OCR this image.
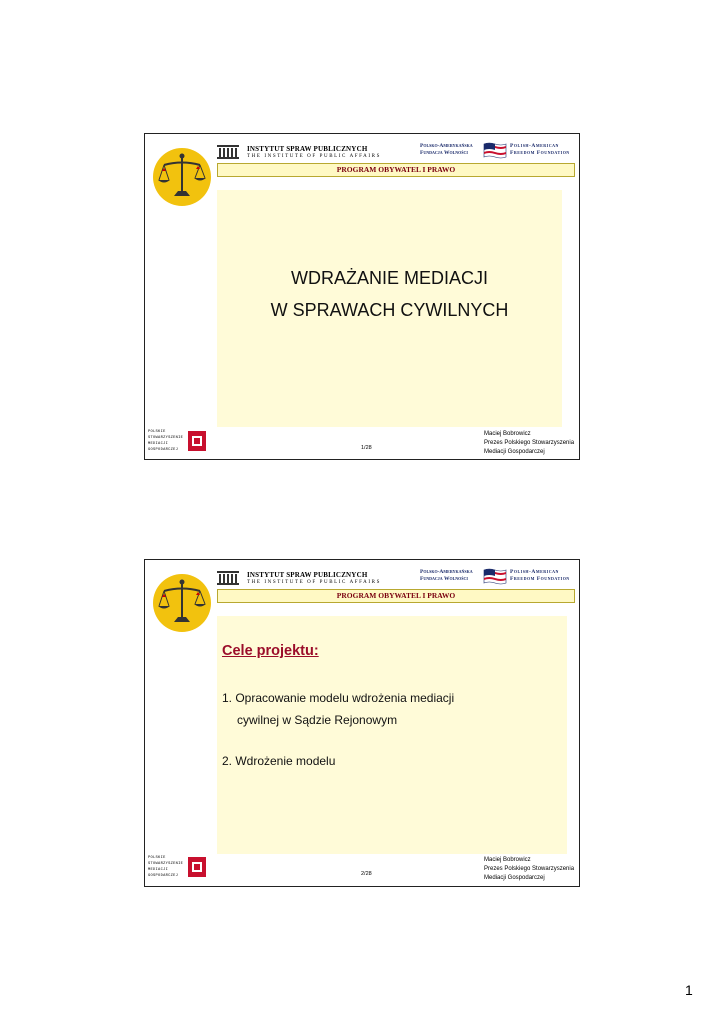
INSTYTUT SPRAW PUBLICZNYCH
THE INSTITUTE OF PUBLIC AFFAIRS
Polsko-Amerykańska
Fundacja Wolności
Polish-American
Freedom Foundation
PROGRAM OBYWATEL I PRAWO
WDRAŻANIE MEDIACJI
W SPRAWACH CYWILNYCH
POLSKIE
STOWARZYSZENIE
MEDIACJI
GOSPODARCZEJ	1/28
Maciej Bobrowicz
Prezes Polskiego Stowarzyszenia
Mediacji Gospodarczej
INSTYTUT SPRAW PUBLICZNYCH
THE INSTITUTE OF PUBLIC AFFAIRS
Polsko-Amerykańska
Fundacja Wolności
Polish-American
Freedom Foundation
PROGRAM OBYWATEL I PRAWO
Cele projektu:
1. Opracowanie modelu wdrożenia mediacji
cywilnej w Sądzie Rejonowym
2. Wdrożenie modelu
POLSKIE
STOWARZYSZENIE
MEDIACJI
GOSPODARCZEJ	2/28
Maciej Bobrowicz
Prezes Polskiego Stowarzyszenia
Mediacji Gospodarczej
1
